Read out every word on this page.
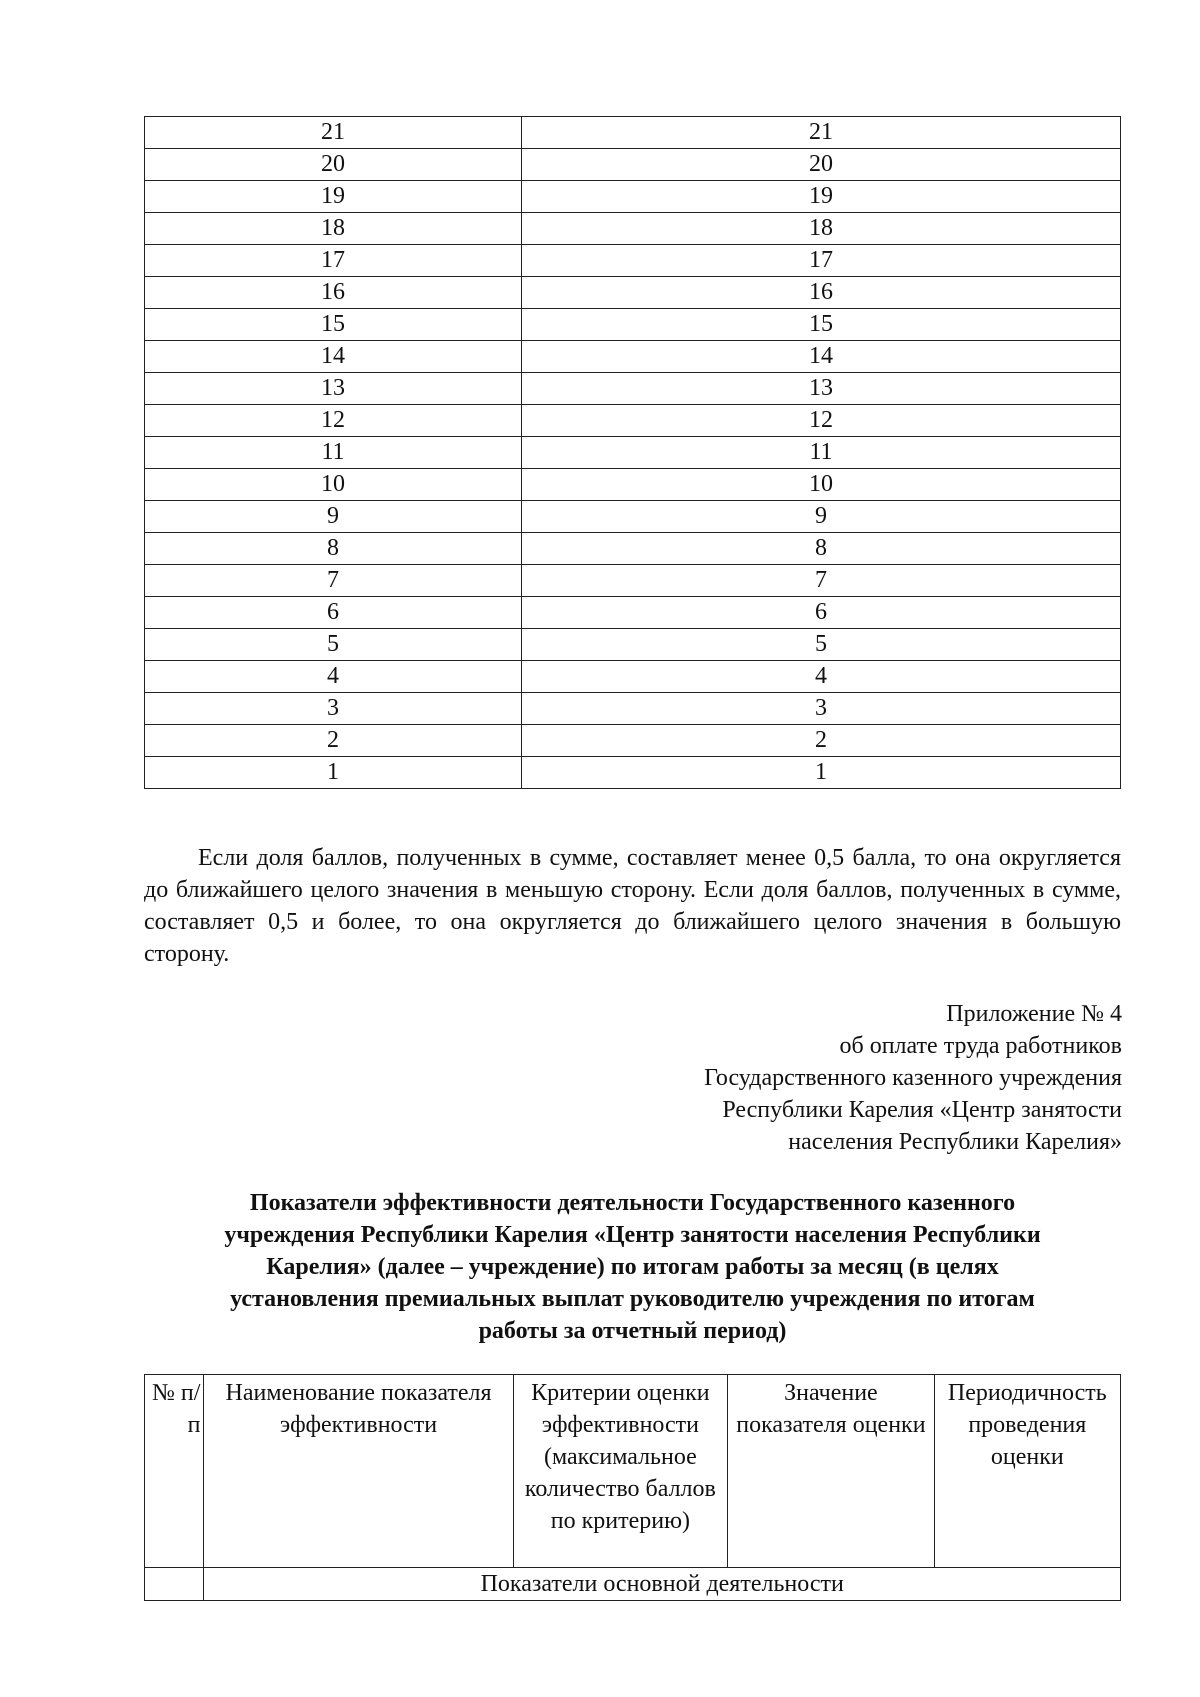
21	21
20	20
19	19
18	18
17	17
16	16
15	15
14	14
13	13
12	12
11	11
10	10
9	9
8	8
7	7
6	6
5	5
4	4
3	3
2	2
1	1

Если доля баллов, полученных в сумме, составляет менее 0,5 балла, то она округляется до ближайшего целого значения в меньшую сторону. Если доля баллов, полученных в сумме, составляет 0,5 и более, то она округляется до ближайшего целого значения в большую сторону.

Приложение № 4
об оплате труда работников
Государственного казенного учреждения
Республики Карелия «Центр занятости
населения Республики Карелия»
Показатели эффективности деятельности Государственного казенного
учреждения Республики Карелия «Центр занятости населения Республики
Карелия» (далее – учреждение) по итогам работы за месяц (в целях
установления премиальных выплат руководителю учреждения по итогам
работы за отчетный период)
№ п/п	Наименование показателя эффективности	Критерии оценки эффективности (максимальное количество баллов по критерию)	Значение показателя оценки	Периодичность проведения оценки
	Показатели основной деятельности			
